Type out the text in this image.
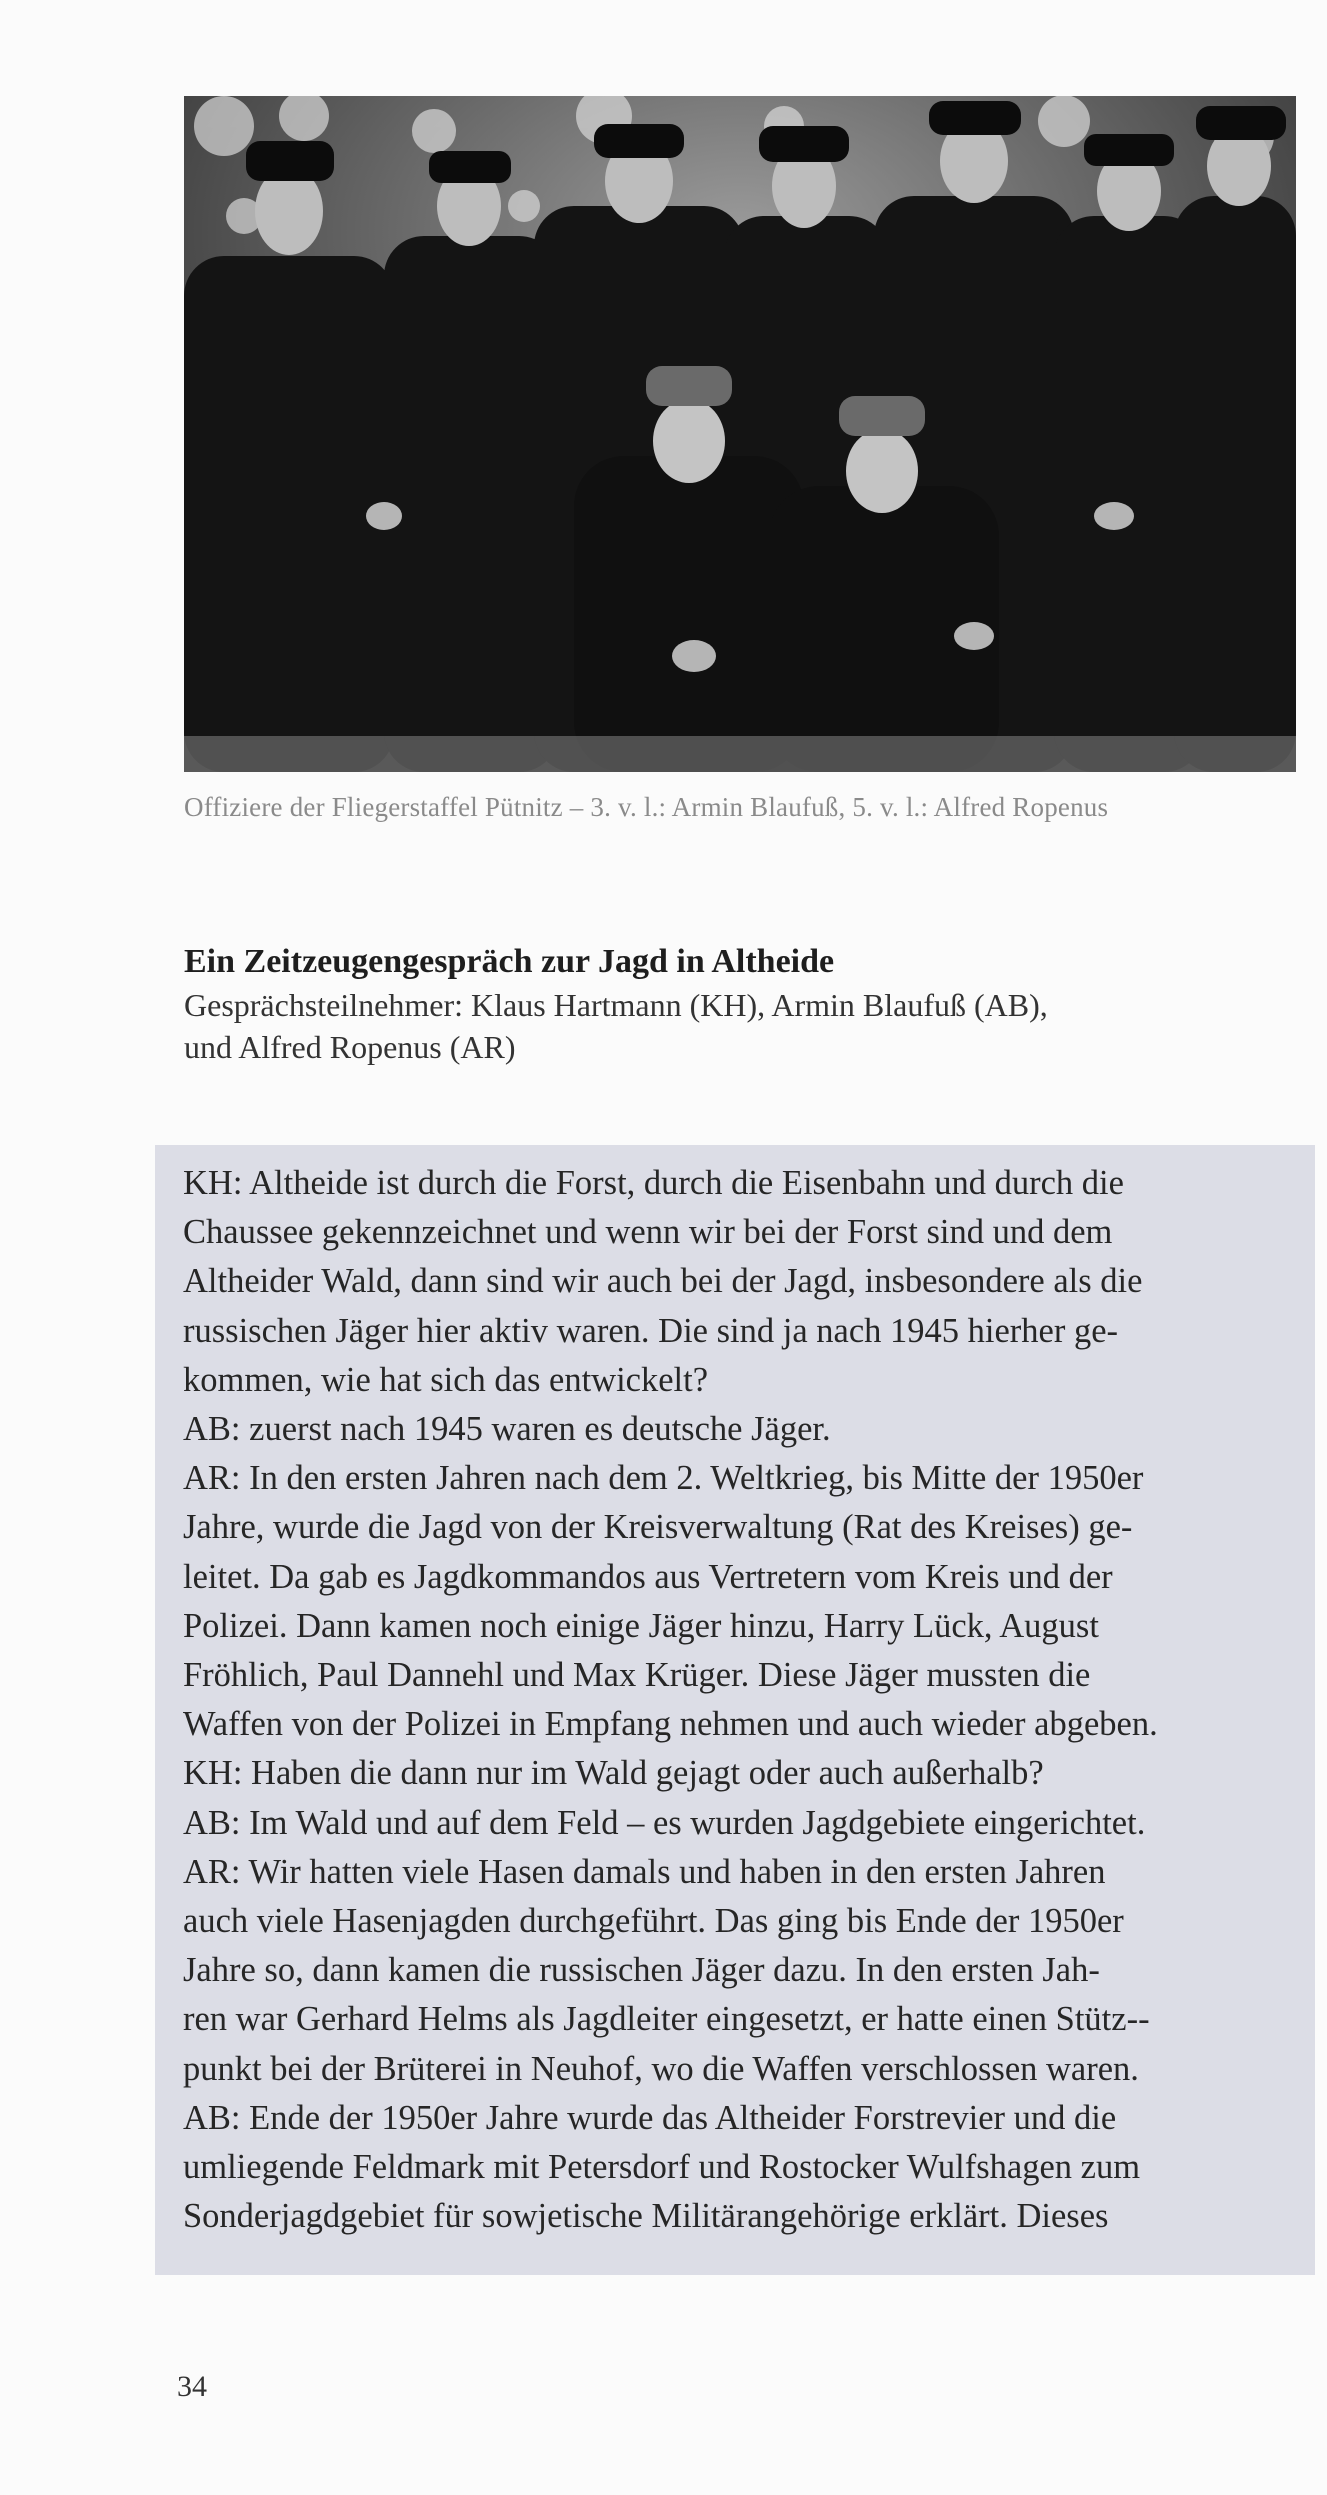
Offiziere der Fliegerstaffel Pütnitz – 3. v. l.: Armin Blaufuß, 5. v. l.: Alfred Ropenus
Ein Zeitzeugengespräch zur Jagd in Altheide
Gesprächsteilnehmer: Klaus Hartmann (KH), Armin Blaufuß (AB),
und Alfred Ropenus (AR)
KH: Altheide ist durch die Forst, durch die Eisenbahn und durch die
Chaussee gekennzeichnet und wenn wir bei der Forst sind und dem
Altheider Wald, dann sind wir auch bei der Jagd, insbesondere als die
russischen Jäger hier aktiv waren. Die sind ja nach 1945 hierher ge-
kommen, wie hat sich das entwickelt?
AB: zuerst nach 1945 waren es deutsche Jäger.
AR: In den ersten Jahren nach dem 2. Weltkrieg, bis Mitte der 1950er
Jahre, wurde die Jagd von der Kreisverwaltung (Rat des Kreises) ge-
leitet. Da gab es Jagdkommandos aus Vertretern vom Kreis und der
Polizei. Dann kamen noch einige Jäger hinzu, Harry Lück, August
Fröhlich, Paul Dannehl und Max Krüger. Diese Jäger mussten die
Waffen von der Polizei in Empfang nehmen und auch wieder abgeben.
KH: Haben die dann nur im Wald gejagt oder auch außerhalb?
AB: Im Wald und auf dem Feld – es wurden Jagdgebiete eingerichtet.
AR: Wir hatten viele Hasen damals und haben in den ersten Jahren
auch viele Hasenjagden durchgeführt. Das ging bis Ende der 1950er
Jahre so, dann kamen die russischen Jäger dazu. In den ersten Jah-
ren war Gerhard Helms als Jagdleiter eingesetzt, er hatte einen Stütz--
punkt bei der Brüterei in Neuhof, wo die Waffen verschlossen waren.
AB: Ende der 1950er Jahre wurde das Altheider Forstrevier und die
umliegende Feldmark mit Petersdorf und Rostocker Wulfshagen zum
Sonderjagdgebiet für sowjetische Militärangehörige erklärt. Dieses
34
